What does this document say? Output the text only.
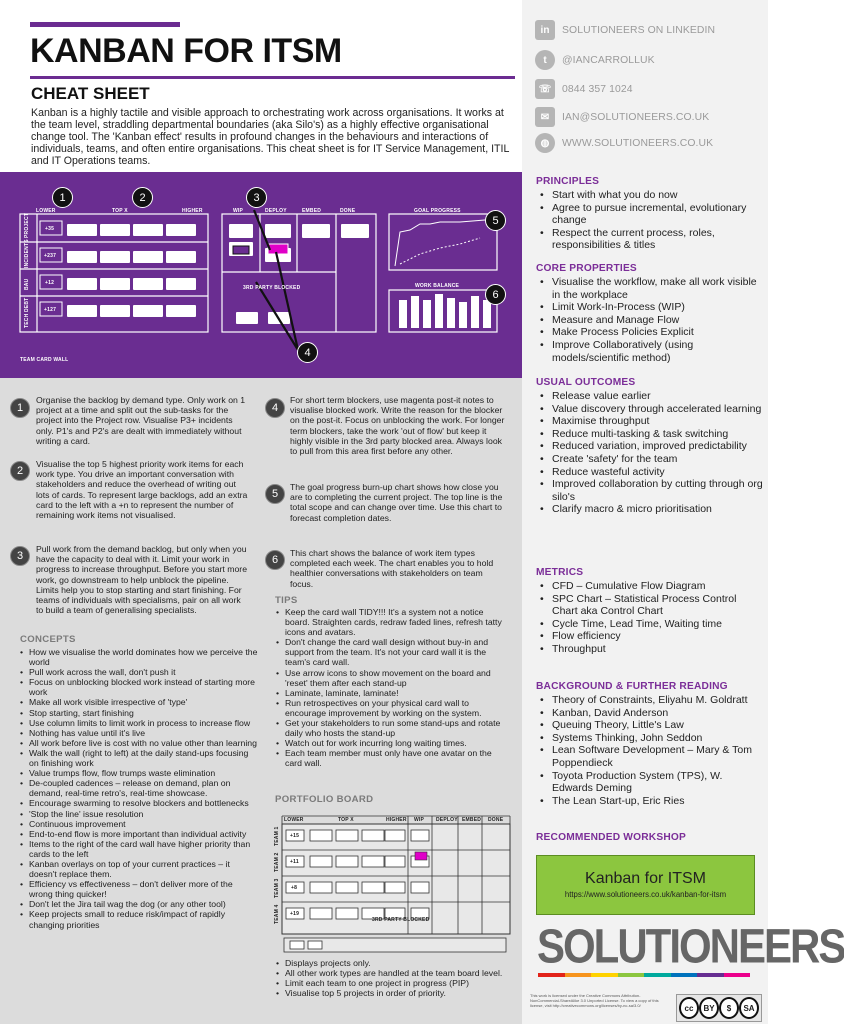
KANBAN FOR ITSM
CHEAT SHEET
Kanban is a highly tactile and visible approach to orchestrating work across organisations. It works at the team level, straddling departmental boundaries (aka Silo's) as a highly effective organisational change tool. The 'Kanban effect' results in profound changes in the behaviours and interactions of individuals, teams, and often entire organisations. This cheat sheet is for IT Service Management, ITIL and IT Operations teams.
in	SOLUTIONEERS ON LINKEDIN
t	@IANCARROLLUK
☏	0844 357 1024
✉	IAN@SOLUTIONEERS.CO.UK
◍	WWW.SOLUTIONEERS.CO.UK
LOWER	TOP X	HIGHER	WIP	DEPLOY	EMBED	DONE
PROJECT
INCIDENTS
BAU
TECH DEBT
+35
+237
+12
+127
3RD PARTY BLOCKED
GOAL PROGRESS
WORK BALANCE
TEAM CARD WALL
1	2	3
4
5
6
1
Organise the backlog by demand type. Only work on 1 project at a time and split out the sub-tasks for the project into the Project row. Visualise P3+ incidents only. P1's and P2's are dealt with immediately without writing a card.
2
Visualise the top 5 highest priority work items for each work type. You drive an important conversation with stakeholders and reduce the overhead of writing out lots of cards. To represent large backlogs, add an extra card to the left with a +n to represent the number of remaining work items not visualised.
3
Pull work from the demand backlog, but only when you have the capacity to deal with it. Limit your work in progress to increase throughput. Before you start more work, go downstream to help unblock the pipeline. Limits help you to stop starting and start finishing. For teams of individuals with specialisms, pair on all work to build a team of generalising specialists.
4
For short term blockers, use magenta post-it notes to visualise blocked work. Write the reason for the blocker on the post-it. Focus on unblocking the work. For longer term blockers, take the work 'out of flow' but keep it highly visible in the 3rd party blocked area. Always look to pull from this area first before any other.
5
The goal progress burn-up chart shows how close you are to completing the current project. The top line is the total scope and can change over time. Use this chart to forecast completion dates.
6
This chart shows the balance of work item types completed each week. The chart enables you to hold healthier conversations with stakeholders on team focus.
CONCEPTS
• How we visualise the world dominates how we perceive the world
• Pull work across the wall, don't push it
• Focus on unblocking blocked work instead of starting more work
• Make all work visible irrespective of 'type'
• Stop starting, start finishing
• Use column limits to limit work in process to increase flow
• Nothing has value until it's live
• All work before live is cost with no value other than learning
• Walk the wall (right to left) at the daily stand-ups focusing on finishing work
• Value trumps flow, flow trumps waste elimination
• De-coupled cadences – release on demand, plan on demand, real-time retro's, real-time showcase.
• Encourage swarming to resolve blockers and bottlenecks
• 'Stop the line' issue resolution
• Continuous improvement
• End-to-end flow is more important than individual activity
• Items to the right of the card wall have higher priority than cards to the left
• Kanban overlays on top of your current practices – it doesn't replace them.
• Efficiency vs effectiveness – don't deliver more of the wrong thing quicker!
• Don't let the Jira tail wag the dog (or any other tool)
• Keep projects small to reduce risk/impact of rapidly changing priorities
TIPS
• Keep the card wall TIDY!!! It's a system not a notice board. Straighten cards, redraw faded lines, refresh tatty icons and avatars.
• Don't change the card wall design without buy-in and support from the team. It's not your card wall it is the team's card wall.
• Use arrow icons to show movement on the board and 'reset' them after each stand-up
• Laminate, laminate, laminate!
• Run retrospectives on your physical card wall to encourage improvement by working on the system.
• Get your stakeholders to run some stand-ups and rotate daily who hosts the stand-up
• Watch out for work incurring long waiting times.
• Each team member must only have one avatar on the card wall.
PORTFOLIO BOARD
LOWER	TOP X	HIGHER WIP DEPLOY EMBED DONE
TEAM 1
TEAM 2
TEAM 3
TEAM 4
+15
+11
+8
+19
3RD PARTY BLOCKED
• Displays projects only.
• All other work types are handled at the team board level.
• Limit each team to one project in progress (PIP)
• Visualise top 5 projects in order of priority.
PRINCIPLES
• Start with what you do now
• Agree to pursue incremental, evolutionary change
• Respect the current process, roles, responsibilities & titles
CORE PROPERTIES
• Visualise the workflow, make all work visible in the workplace
• Limit Work-In-Process (WIP)
• Measure and Manage Flow
• Make Process Policies Explicit
• Improve Collaboratively (using models/scientific method)
USUAL OUTCOMES
• Release value earlier
• Value discovery through accelerated learning
• Maximise throughput
• Reduce multi-tasking & task switching
• Reduced variation, improved predictability
• Create 'safety' for the team
• Reduce wasteful activity
• Improved collaboration by cutting through org silo's
• Clarify macro & micro prioritisation
METRICS
• CFD – Cumulative Flow Diagram
• SPC Chart – Statistical Process Control Chart aka Control Chart
• Cycle Time, Lead Time, Waiting time
• Flow efficiency
• Throughput
BACKGROUND & FURTHER READING
• Theory of Constraints, Eliyahu M. Goldratt
• Kanban, David Anderson
• Queuing Theory, Little's Law
• Systems Thinking, John Seddon
• Lean Software Development – Mary & Tom Poppendieck
• Toyota Production System (TPS), W. Edwards Deming
• The Lean Start-up, Eric Ries
RECOMMENDED WORKSHOP
Kanban for ITSM
https://www.solutioneers.co.uk/kanban-for-itsm
SOLUTIONEERS
This work is licensed under the Creative Commons Attribution-NonCommercial-ShareAlike 3.0 Unported License. To view a copy of this license, visit http://creativecommons.org/licenses/by-nc-sa/3.0/	cc	BY	$	SA
